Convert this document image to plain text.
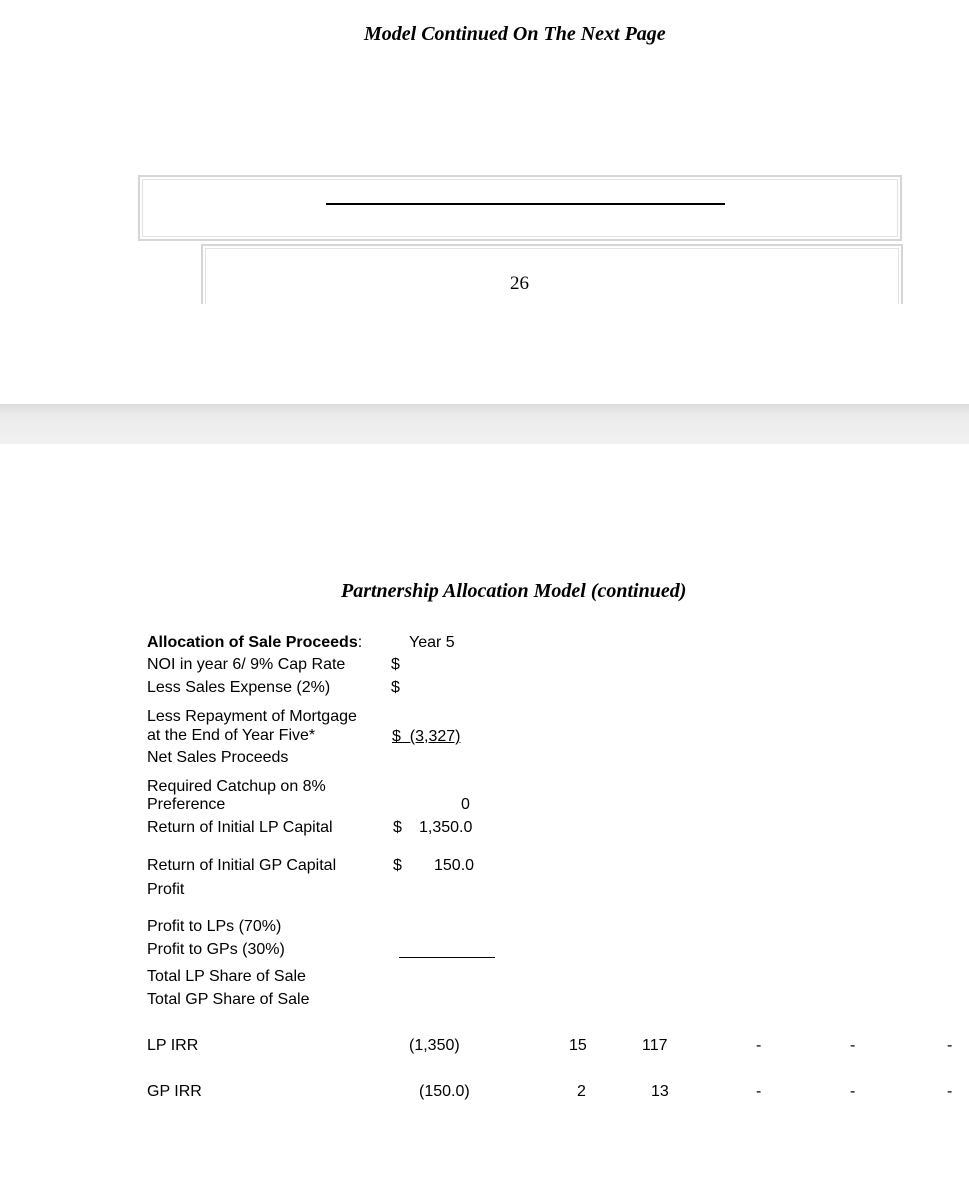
Model Continued On The Next Page
26
Partnership Allocation Model (continued)
Allocation of Sale Proceeds:	Year 5
NOI in year 6/ 9% Cap Rate	$
Less Sales Expense (2%)	$
Less Repayment of Mortgage
at the End of Year Five*	$  (3,327)
Net Sales Proceeds
Required Catchup on 8%
Preference	0
Return of Initial LP Capital	$ 1,350.0
Return of Initial GP Capital	$ 150.0
Profit
Profit to LPs (70%)
Profit to GPs (30%)
Total LP Share of Sale
Total GP Share of Sale
LP IRR	(1,350)	15	117	-	-	-
GP IRR	(150.0)	2	13	-	-	-
